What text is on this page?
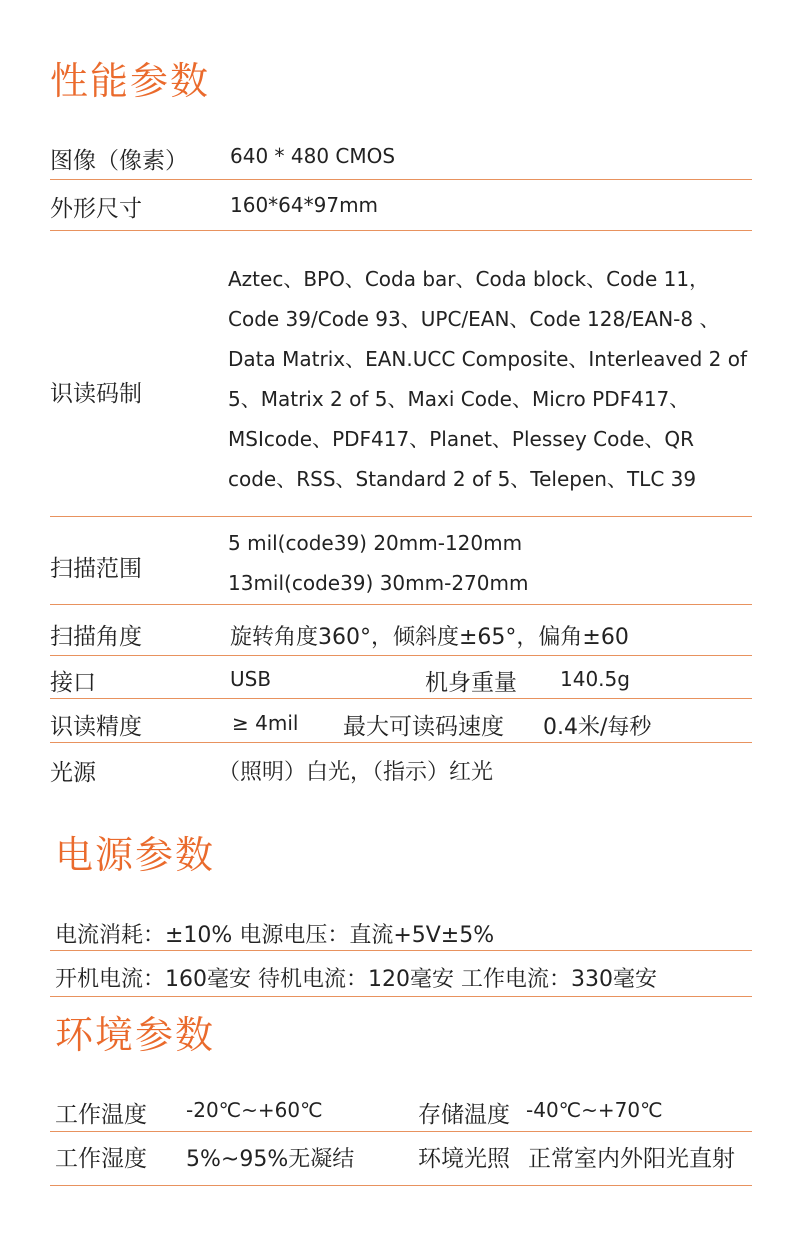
性能参数
图像（像素） 640 * 480 CMOS
外形尺寸	160*64*97mm
识读码制
Aztec、BPO、Coda bar、Coda block、Code 11，
Code 39/Code 93、UPC/EAN、Code 128/EAN-8 、
Data Matrix、EAN.UCC Composite、Interleaved 2 of
5、Matrix 2 of 5、Maxi Code、Micro PDF417、
MSIcode、PDF417、Planet、Plessey Code、QR
code、RSS、Standard 2 of 5、Telepen、TLC 39
扫描范围
5 mil(code39) 20mm-120mm
13mil(code39) 30mm-270mm
扫描角度	旋转角度360°，倾斜度±65°，偏角±60
接口	USB	机身重量 140.5g
识读精度	≥ 4mil 最大可读码速度 0.4米/每秒
光源	（照明）白光，（指示）红光
电源参数
电流消耗：±10% 电源电压：直流+5V±5%
开机电流：160毫安 待机电流：120毫安 工作电流：330毫安
环境参数
工作温度 -20℃~+60℃	存储温度 -40℃~+70℃
工作湿度 5%~95%无凝结	环境光照 正常室内外阳光直射
